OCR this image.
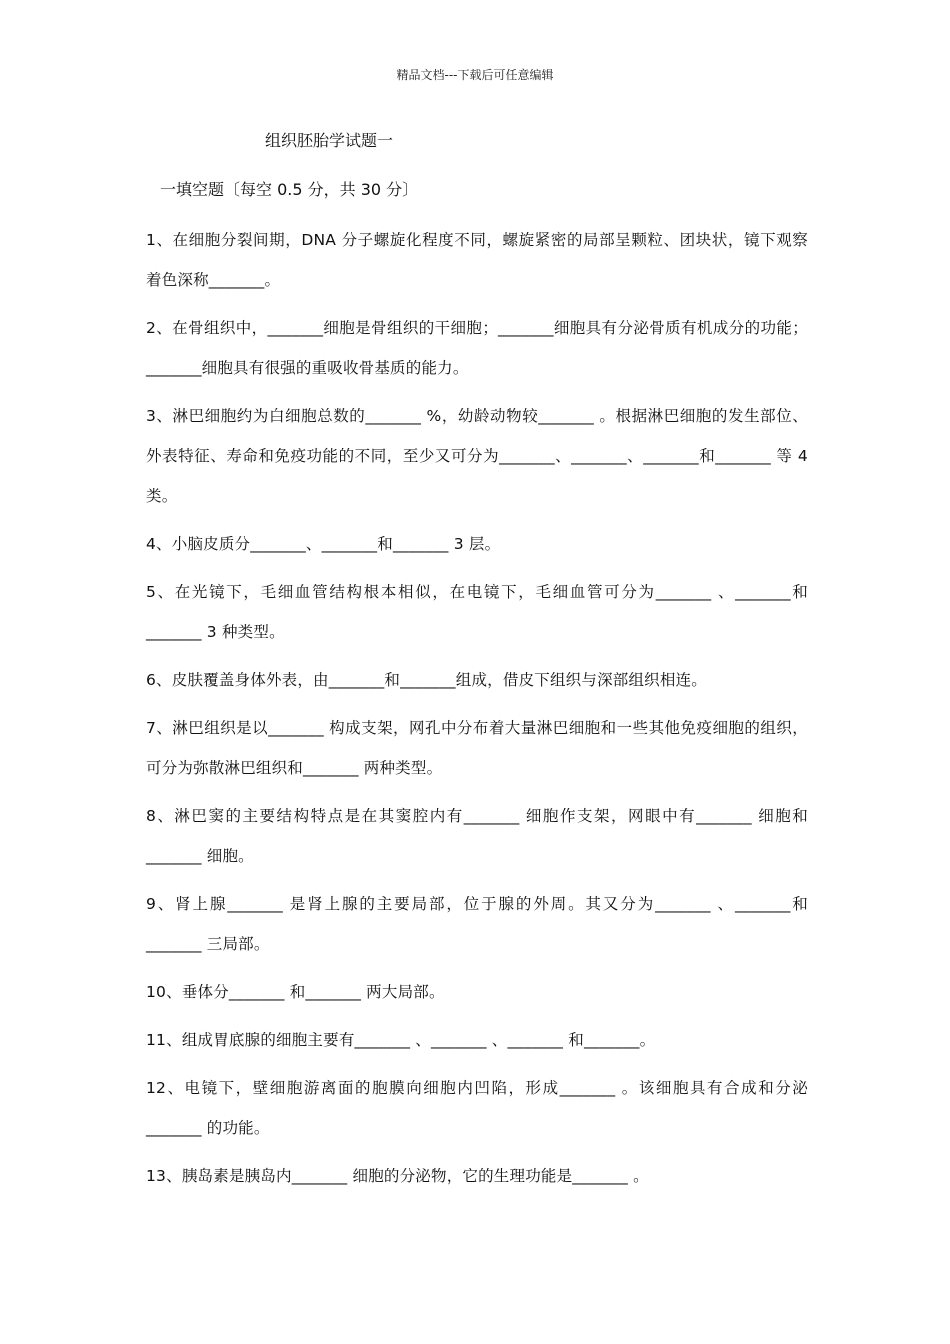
精品文档---下载后可任意编辑
组织胚胎学试题一
一填空题〔每空 0.5 分，共 30 分〕

1、在细胞分裂间期，DNA 分子螺旋化程度不同，螺旋紧密的局部呈颗粒、团块状，镜下观察着色深称_______。

2、在骨组织中，_______细胞是骨组织的干细胞；_______细胞具有分泌骨质有机成分的功能；_______细胞具有很强的重吸收骨基质的能力。

3、淋巴细胞约为白细胞总数的_______ %，幼龄动物较_______ 。根据淋巴细胞的发生部位、外表特征、寿命和免疫功能的不同，至少又可分为_______、_______、_______和_______ 等 4 类。

4、小脑皮质分_______、_______和_______ 3 层。

5、在光镜下，毛细血管结构根本相似，在电镜下，毛细血管可分为_______ 、_______和_______ 3 种类型。

6、皮肤覆盖身体外表，由_______和_______组成，借皮下组织与深部组织相连。

7、淋巴组织是以_______ 构成支架，网孔中分布着大量淋巴细胞和一些其他免疫细胞的组织，可分为弥散淋巴组织和_______ 两种类型。

8、淋巴窦的主要结构特点是在其窦腔内有_______ 细胞作支架，网眼中有_______ 细胞和_______ 细胞。

9、肾上腺_______ 是肾上腺的主要局部，位于腺的外周。其又分为_______ 、_______和_______ 三局部。

10、垂体分_______ 和_______ 两大局部。

11、组成胃底腺的细胞主要有_______ 、_______ 、_______ 和_______。

12、电镜下，壁细胞游离面的胞膜向细胞内凹陷，形成_______ 。该细胞具有合成和分泌_______ 的功能。

13、胰岛素是胰岛内_______ 细胞的分泌物，它的生理功能是_______ 。
